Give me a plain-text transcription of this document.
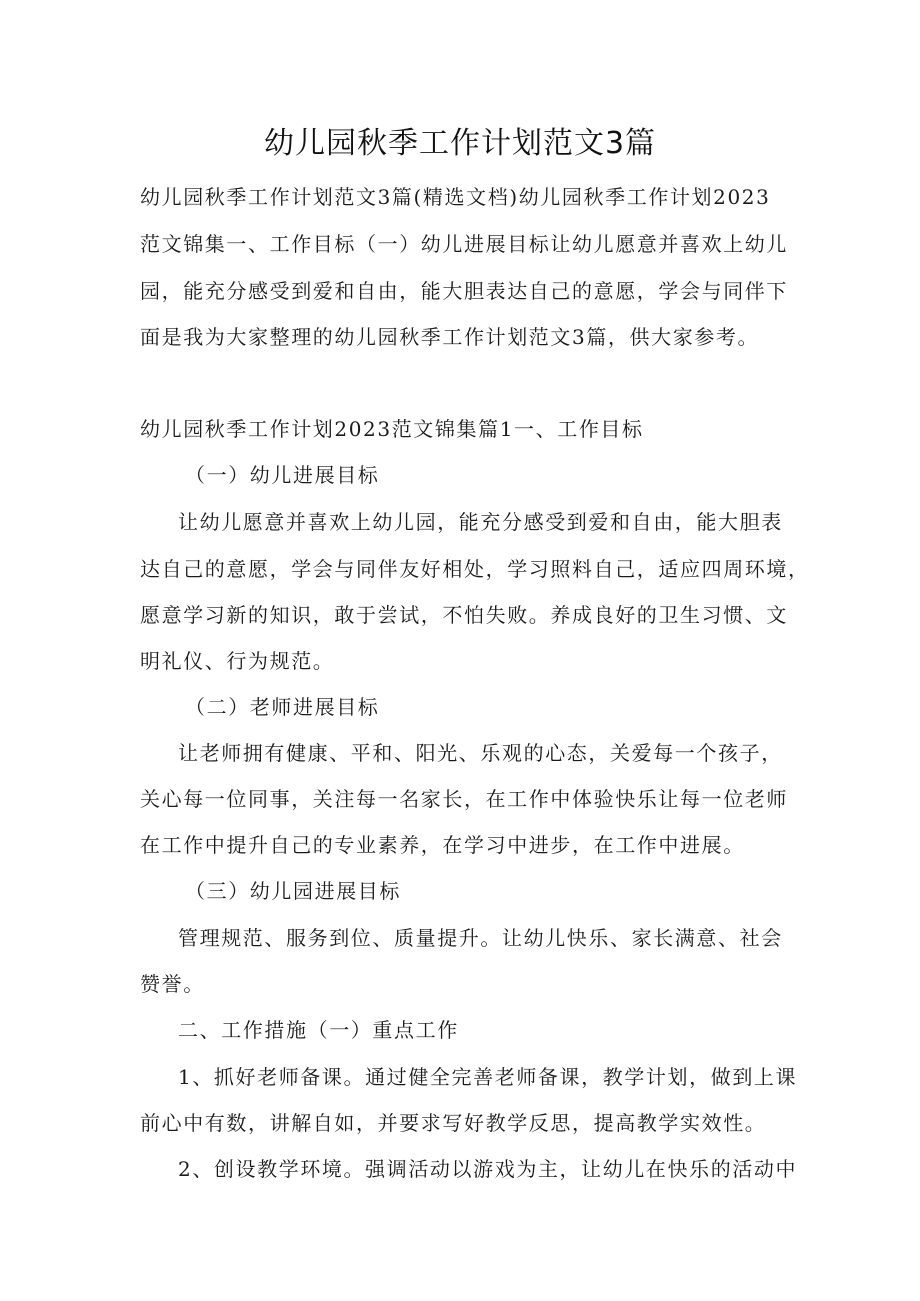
幼儿园秋季工作计划范文3篇
幼儿园秋季工作计划范文3篇(精选文档)幼儿园秋季工作计划2023
范文锦集一、工作目标（一）幼儿进展目标让幼儿愿意并喜欢上幼儿
园，能充分感受到爱和自由，能大胆表达自己的意愿，学会与同伴下
面是我为大家整理的幼儿园秋季工作计划范文3篇，供大家参考。
幼儿园秋季工作计划2023范文锦集篇1一、工作目标
（一）幼儿进展目标
让幼儿愿意并喜欢上幼儿园，能充分感受到爱和自由，能大胆表
达自己的意愿，学会与同伴友好相处，学习照料自己，适应四周环境，
愿意学习新的知识，敢于尝试，不怕失败。养成良好的卫生习惯、文
明礼仪、行为规范。
（二）老师进展目标
让老师拥有健康、平和、阳光、乐观的心态，关爱每一个孩子，
关心每一位同事，关注每一名家长，在工作中体验快乐让每一位老师
在工作中提升自己的专业素养，在学习中进步，在工作中进展。
（三）幼儿园进展目标
管理规范、服务到位、质量提升。让幼儿快乐、家长满意、社会
赞誉。
二、工作措施（一）重点工作
1、抓好老师备课。通过健全完善老师备课，教学计划，做到上课
前心中有数，讲解自如，并要求写好教学反思，提高教学实效性。
2、创设教学环境。强调活动以游戏为主，让幼儿在快乐的活动中
